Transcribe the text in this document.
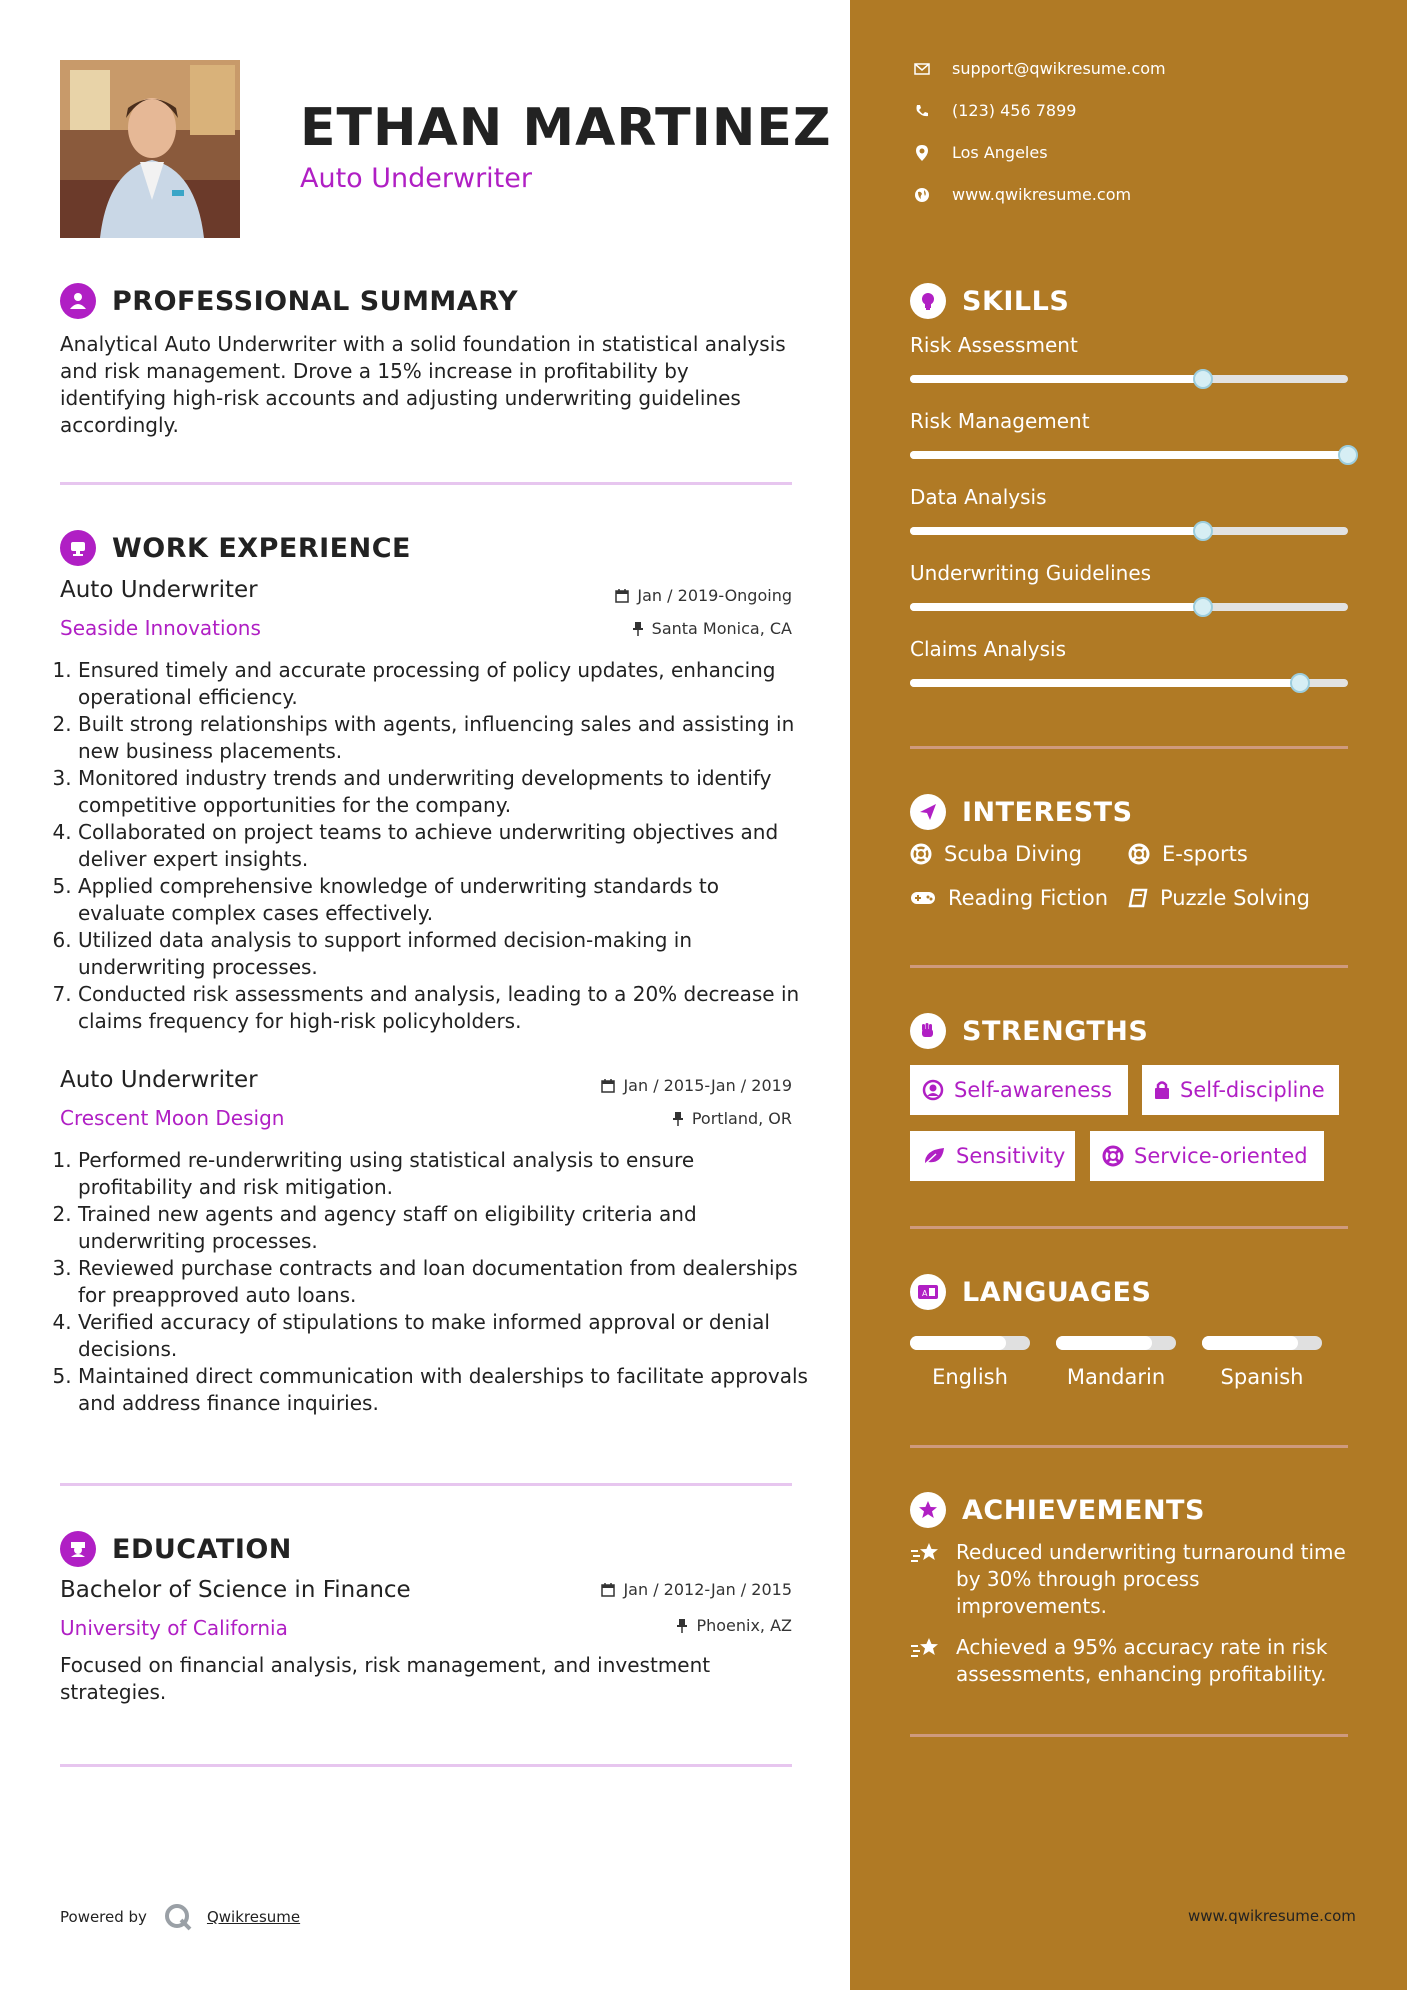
ETHAN MARTINEZ
Auto Underwriter
PROFESSIONAL SUMMARY
Analytical Auto Underwriter with a solid foundation in statistical analysis and risk management. Drove a 15% increase in profitability by identifying high-risk accounts and adjusting underwriting guidelines accordingly.
WORK EXPERIENCE
Auto Underwriter	Jan / 2019-Ongoing
Seaside Innovations	Santa Monica, CA
1. Ensured timely and accurate processing of policy updates, enhancing operational efficiency.
2. Built strong relationships with agents, influencing sales and assisting in new business placements.
3. Monitored industry trends and underwriting developments to identify competitive opportunities for the company.
4. Collaborated on project teams to achieve underwriting objectives and deliver expert insights.
5. Applied comprehensive knowledge of underwriting standards to evaluate complex cases effectively.
6. Utilized data analysis to support informed decision-making in underwriting processes.
7. Conducted risk assessments and analysis, leading to a 20% decrease in claims frequency for high-risk policyholders.
Auto Underwriter	Jan / 2015-Jan / 2019
Crescent Moon Design	Portland, OR
1. Performed re-underwriting using statistical analysis to ensure profitability and risk mitigation.
2. Trained new agents and agency staff on eligibility criteria and underwriting processes.
3. Reviewed purchase contracts and loan documentation from dealerships for preapproved auto loans.
4. Verified accuracy of stipulations to make informed approval or denial decisions.
5. Maintained direct communication with dealerships to facilitate approvals and address finance inquiries.
EDUCATION
Bachelor of Science in Finance	Jan / 2012-Jan / 2015
University of California	Phoenix, AZ
Focused on financial analysis, risk management, and investment strategies.
Powered by	Qwikresume
support@qwikresume.com
(123) 456 7899
Los Angeles
www.qwikresume.com
SKILLS
Risk Assessment
Risk Management
Data Analysis
Underwriting Guidelines
Claims Analysis
INTERESTS
Scuba Diving	E-sports
Reading Fiction Puzzle Solving
STRENGTHS
Self-awareness	Self-discipline
Sensitivity	Service-oriented
A LANGUAGES
English	Mandarin	Spanish
ACHIEVEMENTS
Reduced underwriting turnaround time by 30% through process improvements.
Achieved a 95% accuracy rate in risk assessments, enhancing profitability.
www.qwikresume.com
